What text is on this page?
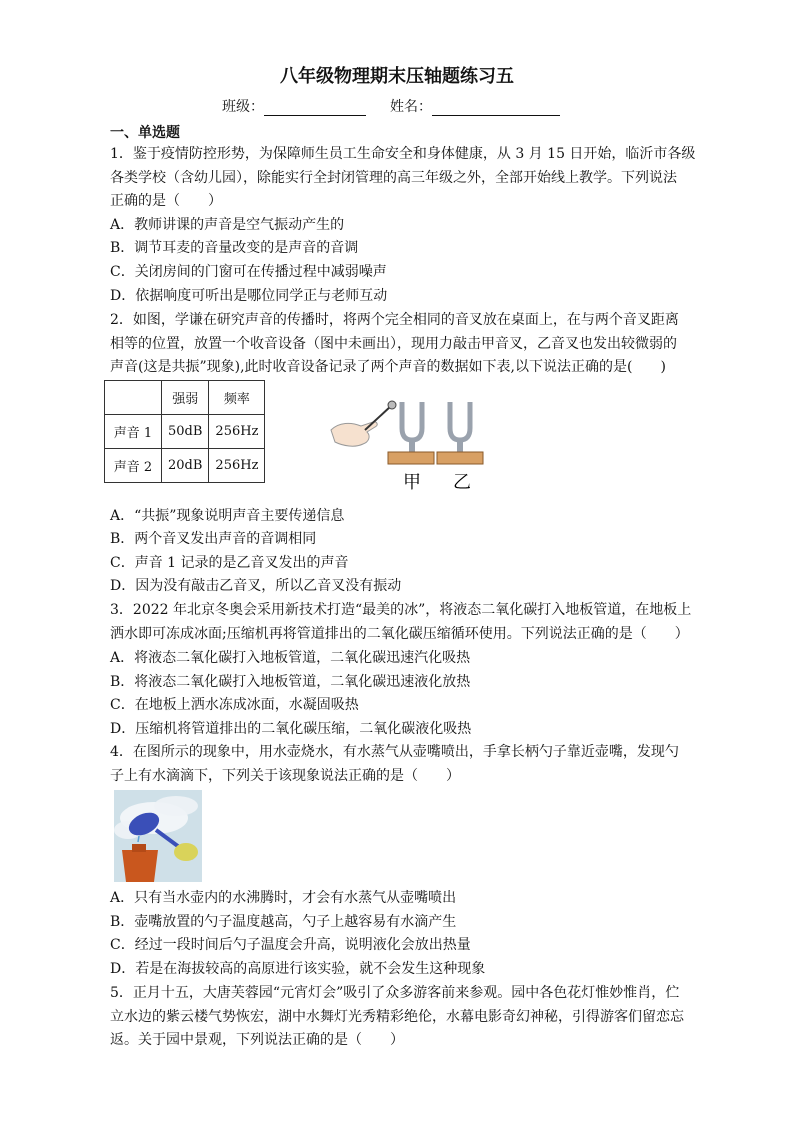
八年级物理期末压轴题练习五
班级：	姓名：
一、单选题
1．鉴于疫情防控形势，为保障师生员工生命安全和身体健康，从 3 月 15 日开始，临沂市各级
各类学校（含幼儿园），除能实行全封闭管理的高三年级之外，全部开始线上教学。下列说法
正确的是（　　）
A．教师讲课的声音是空气振动产生的
B．调节耳麦的音量改变的是声音的音调
C．关闭房间的门窗可在传播过程中减弱噪声
D．依据响度可听出是哪位同学正与老师互动
2．如图，学谦在研究声音的传播时，将两个完全相同的音叉放在桌面上，在与两个音叉距离
相等的位置，放置一个收音设备（图中未画出），现用力敲击甲音叉，乙音叉也发出较微弱的
声音(这是共振”现象),此时收音设备记录了两个声音的数据如下表,以下说法正确的是(　　)
	强弱	频率
声音 1	50dB	256Hz
声音 2	20dB	256Hz
甲 乙
A．“共振”现象说明声音主要传递信息
B．两个音叉发出声音的音调相同
C．声音 1 记录的是乙音叉发出的声音
D．因为没有敲击乙音叉，所以乙音叉没有振动
3．2022 年北京冬奥会采用新技术打造“最美的冰”，将液态二氧化碳打入地板管道，在地板上
洒水即可冻成冰面;压缩机再将管道排出的二氧化碳压缩循环使用。下列说法正确的是（　　）
A．将液态二氧化碳打入地板管道，二氧化碳迅速汽化吸热
B．将液态二氧化碳打入地板管道，二氧化碳迅速液化放热
C．在地板上洒水冻成冰面，水凝固吸热
D．压缩机将管道排出的二氧化碳压缩，二氧化碳液化吸热
4．在图所示的现象中，用水壶烧水，有水蒸气从壶嘴喷出，手拿长柄勺子靠近壶嘴，发现勺
子上有水滴滴下，下列关于该现象说法正确的是（　　）
A．只有当水壶内的水沸腾时，才会有水蒸气从壶嘴喷出
B．壶嘴放置的勺子温度越高，勺子上越容易有水滴产生
C．经过一段时间后勺子温度会升高，说明液化会放出热量
D．若是在海拔较高的高原进行该实验，就不会发生这种现象
5．正月十五，大唐芙蓉园“元宵灯会”吸引了众多游客前来参观。园中各色花灯惟妙惟肖，伫
立水边的紫云楼气势恢宏，湖中水舞灯光秀精彩绝伦，水幕电影奇幻神秘，引得游客们留恋忘
返。关于园中景观，下列说法正确的是（　　）
